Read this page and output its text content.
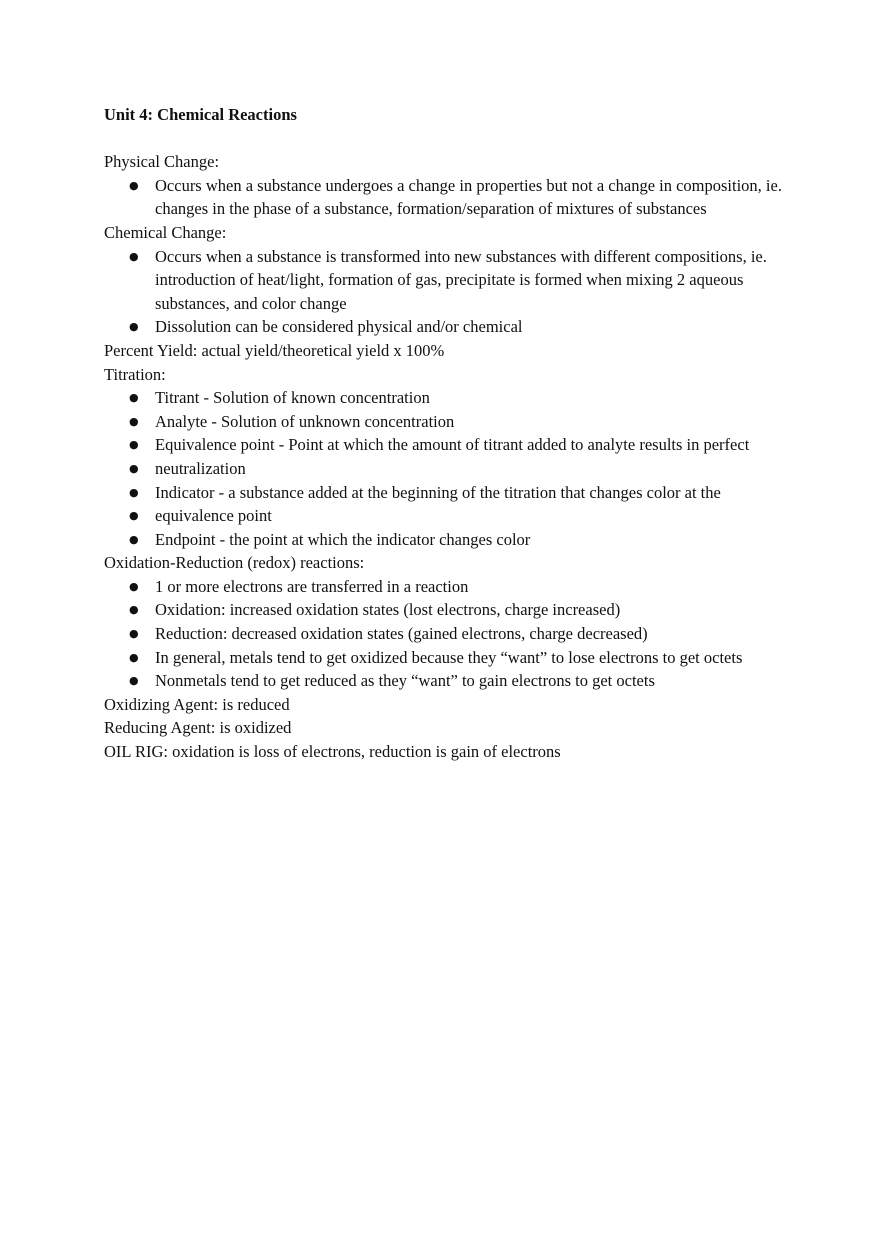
Unit 4: Chemical Reactions

Physical Change:

● Occurs when a substance undergoes a change in properties but not a change in composition, ie. changes in the phase of a substance, formation/separation of mixtures of substances

Chemical Change:

● Occurs when a substance is transformed into new substances with different compositions, ie. introduction of heat/light, formation of gas, precipitate is formed when mixing 2 aqueous substances, and color change
● Dissolution can be considered physical and/or chemical

Percent Yield: actual yield/theoretical yield x 100%

Titration:

● Titrant - Solution of known concentration
● Analyte - Solution of unknown concentration
● Equivalence point - Point at which the amount of titrant added to analyte results in perfect
● neutralization
● Indicator - a substance added at the beginning of the titration that changes color at the
● equivalence point
● Endpoint - the point at which the indicator changes color

Oxidation-Reduction (redox) reactions:

● 1 or more electrons are transferred in a reaction
● Oxidation: increased oxidation states (lost electrons, charge increased)
● Reduction: decreased oxidation states (gained electrons, charge decreased)
● In general, metals tend to get oxidized because they “want” to lose electrons to get octets
● Nonmetals tend to get reduced as they “want” to gain electrons to get octets

Oxidizing Agent: is reduced

Reducing Agent: is oxidized

OIL RIG: oxidation is loss of electrons, reduction is gain of electrons
